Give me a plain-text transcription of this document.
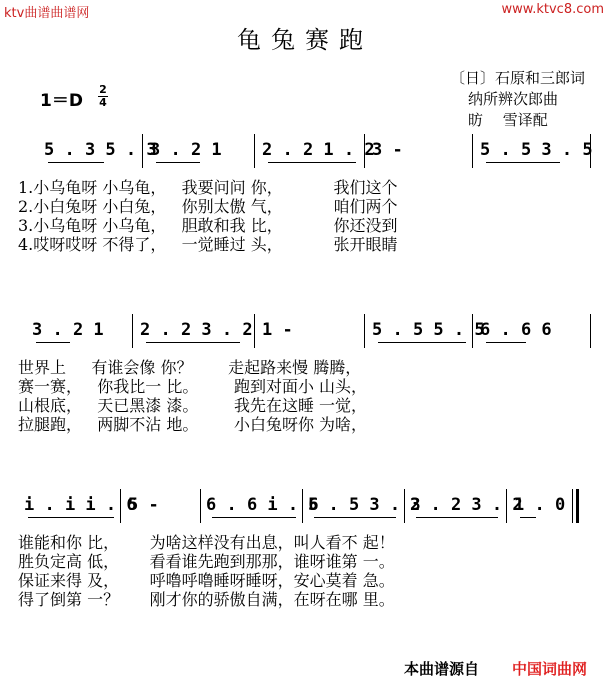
ktv曲谱曲谱网	www.ktvc8.com
龟兔赛跑
1＝D
2
4
〔日〕石原和三郎词
纳所辨次郎曲
昉　 雪译配
5 . 3 5 . 3
3 . 2 1 2 . 2 1 . 2
3 -	5 . 5 3 . 5
1.小乌龟呀 小乌龟，   我要问问 你，          我们这个
2.小白兔呀 小白兔，   你别太傲 气，          咱们两个
3.小乌龟呀 小乌龟，   胆敢和我 比，          你还没到
4.哎呀哎呀 不得了，   一觉睡过 头，          张开眼睛
3 . 2 1 2 . 2 3 . 2 1 -	5 . 5 5 . 5
6 . 6 6
世界上     有谁会像 你？       走起路来慢 腾腾，
赛一赛，   你我比一 比。       跑到对面小 山头，
山根底，   天已黑漆 漆。       我先在这睡 一觉，
拉腿跑，   两脚不沾 地。       小白兔呀你 为啥，
i . i i . 6
5 -	6 . 6 i . 6
5 . 5 3 . 3
2 . 2 3 . 2
1 . 0
谁能和你 比，      为啥这样没有出息，叫人看不 起！
胜负定高 低，      看看谁先跑到那那，谁呀谁第 一。
保证来得 及，      呼噜呼噜睡呀睡呀，安心莫着 急。
得了倒第 一？      刚才你的骄傲自满，在呀在哪 里。
本曲谱源自 中国词曲网
